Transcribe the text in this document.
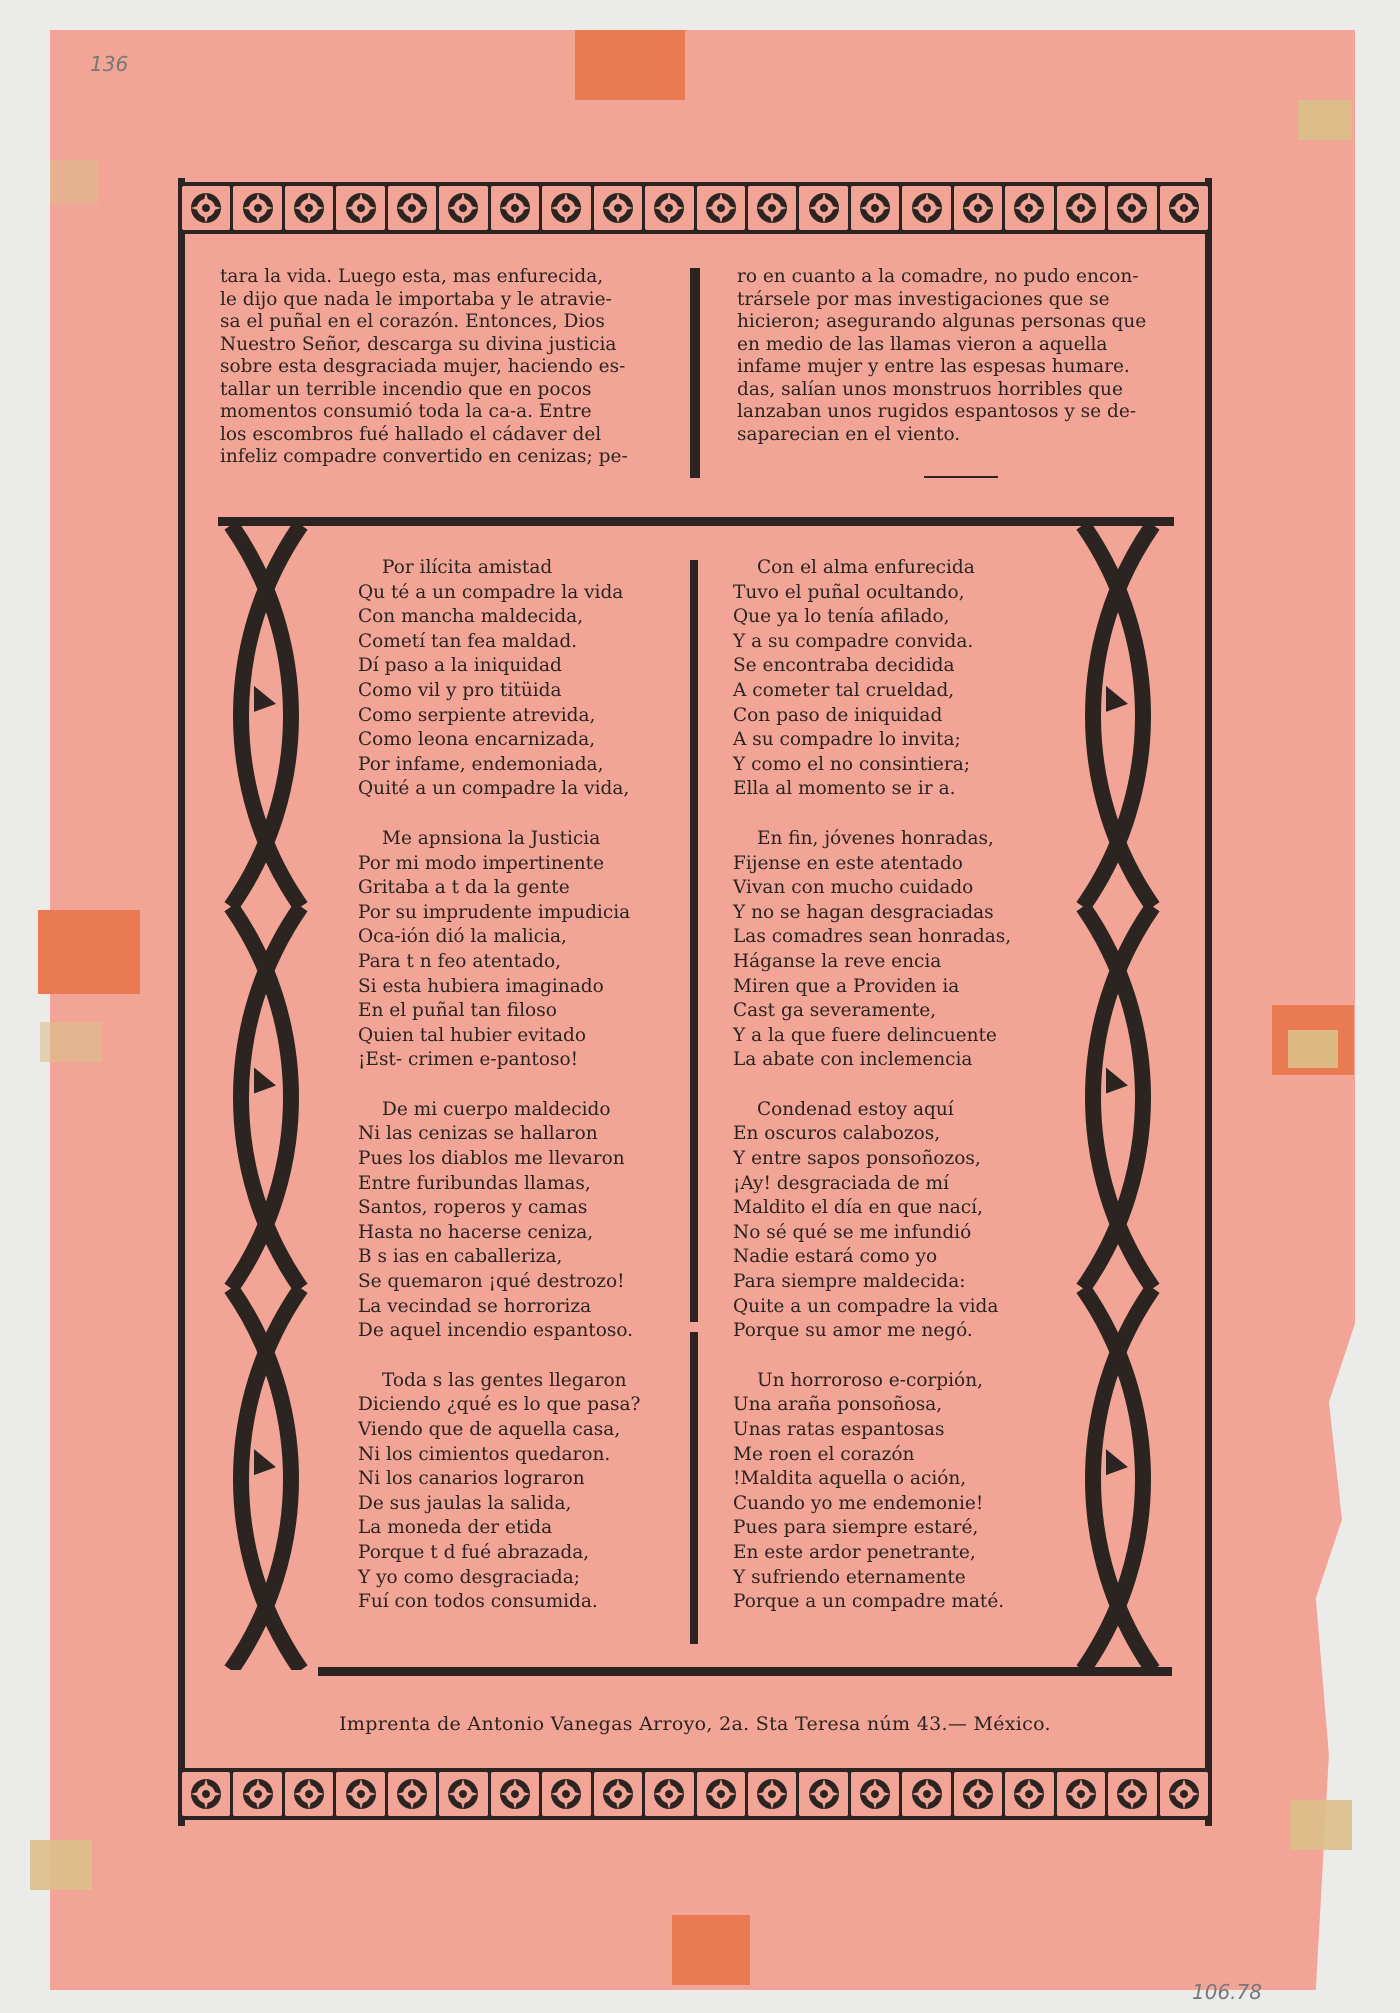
136
106.78

tara la vida. Luego esta, mas enfurecida,

le dijo que nada le importaba y le atravie-

sa el puñal en el corazón. Entonces, Dios

Nuestro Señor, descarga su divina justicia

sobre esta desgraciada mujer, haciendo es-

tallar un terrible incendio que en pocos

momentos consumió toda la ca-a. Entre

los escombros fué hallado el cádaver del

infeliz compadre convertido en cenizas; pe-

ro en cuanto a la comadre, no pudo encon-

trársele por mas investigaciones que se

hicieron; asegurando algunas personas que

en medio de las llamas vieron a aquella

infame mujer y entre las espesas humare.

das, salían unos monstruos horribles que

lanzaban unos rugidos espantosos y se de-

saparecian en el viento.

Por ilícita amistad
Qu té a un compadre la vida
Con mancha maldecida,
Cometí tan fea maldad.
Dí paso a la iniquidad
Como vil y pro titüida
Como serpiente atrevida,
Como leona encarnizada,
Por infame, endemoniada,
Quité a un compadre la vida,
Me apnsiona la Justicia
Por mi modo impertinente
Gritaba a t da la gente
Por su imprudente impudicia
Oca-ión dió la malicia,
Para t n feo atentado,
Si esta hubiera imaginado
En el puñal tan filoso
Quien tal hubier evitado
¡Est- crimen e-pantoso!
De mi cuerpo maldecido
Ni las cenizas se hallaron
Pues los diablos me llevaron
Entre furibundas llamas,
Santos, roperos y camas
Hasta no hacerse ceniza,
B s ias en caballeriza,
Se quemaron ¡qué destrozo!
La vecindad se horroriza
De aquel incendio espantoso.
Toda s las gentes llegaron
Diciendo ¿qué es lo que pasa?
Viendo que de aquella casa,
Ni los cimientos quedaron.
Ni los canarios lograron
De sus jaulas la salida,
La moneda der etida
Porque t d fué abrazada,
Y yo como desgraciada;
Fuí con todos consumida.
Con el alma enfurecida
Tuvo el puñal ocultando,
Que ya lo tenía afilado,
Y a su compadre convida.
Se encontraba decidida
A cometer tal crueldad,
Con paso de iniquidad
A su compadre lo invita;
Y como el no consintiera;
Ella al momento se ir a.
En fin, jóvenes honradas,
Fijense en este atentado
Vivan con mucho cuidado
Y no se hagan desgraciadas
Las comadres sean honradas,
Háganse la reve encia
Miren que a Providen ia
Cast ga severamente,
Y a la que fuere delincuente
La abate con inclemencia
Condenad estoy aquí
En oscuros calabozos,
Y entre sapos ponsoñozos,
¡Ay! desgraciada de mí
Maldito el día en que nací,
No sé qué se me infundió
Nadie estará como yo
Para siempre maldecida:
Quite a un compadre la vida
Porque su amor me negó.
Un horroroso e-corpión,
Una araña ponsoñosa,
Unas ratas espantosas
Me roen el corazón
!Maldita aquella o ación,
Cuando yo me endemonie!
Pues para siempre estaré,
En este ardor penetrante,
Y sufriendo eternamente
Porque a un compadre maté.
Imprenta de Antonio Vanegas Arroyo, 2a. Sta Teresa núm 43.— México.
